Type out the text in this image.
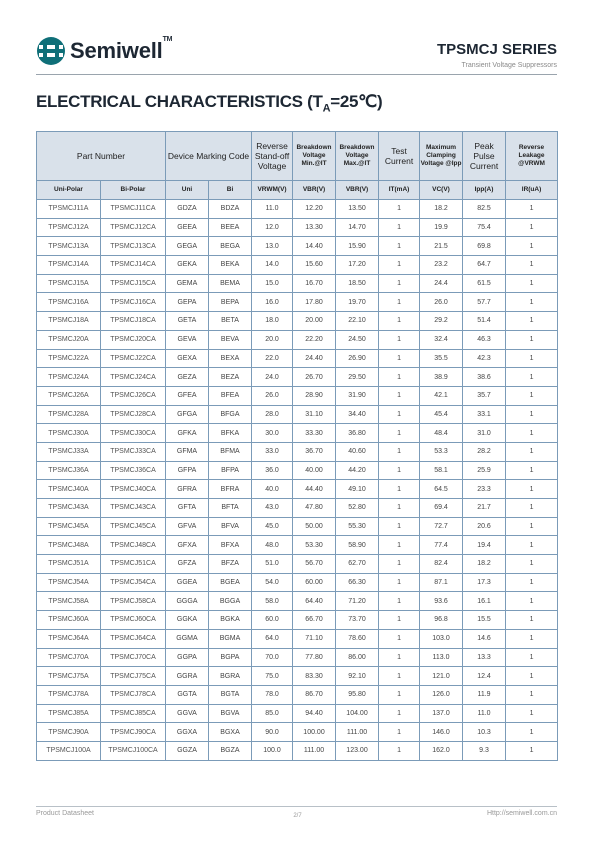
Semiwell™
TPSMCJ SERIES
Transient Voltage Suppressors
ELECTRICAL CHARACTERISTICS $(T_A=25℃)$
Part Number		Device Marking Code		Reverse Stand-off Voltage	Breakdown Voltage Min.@IT	Breakdown Voltage Max.@IT	Test Current	Maximum Clamping Voltage @Ipp	Peak Pulse Current	Reverse Leakage @VRWM
Uni-Polar	Bi-Polar	Uni	Bi	VRWM(V)	VBR(V)	VBR(V)	IT(mA)	VC(V)	Ipp(A)	IR(uA)
TPSMCJ11A	TPSMCJ11CA	GDZA	BDZA	11.0	12.20	13.50	1	18.2	82.5	1
TPSMCJ12A	TPSMCJ12CA	GEEA	BEEA	12.0	13.30	14.70	1	19.9	75.4	1
TPSMCJ13A	TPSMCJ13CA	GEGA	BEGA	13.0	14.40	15.90	1	21.5	69.8	1
TPSMCJ14A	TPSMCJ14CA	GEKA	BEKA	14.0	15.60	17.20	1	23.2	64.7	1
TPSMCJ15A	TPSMCJ15CA	GEMA	BEMA	15.0	16.70	18.50	1	24.4	61.5	1
TPSMCJ16A	TPSMCJ16CA	GEPA	BEPA	16.0	17.80	19.70	1	26.0	57.7	1
TPSMCJ18A	TPSMCJ18CA	GETA	BETA	18.0	20.00	22.10	1	29.2	51.4	1
TPSMCJ20A	TPSMCJ20CA	GEVA	BEVA	20.0	22.20	24.50	1	32.4	46.3	1
TPSMCJ22A	TPSMCJ22CA	GEXA	BEXA	22.0	24.40	26.90	1	35.5	42.3	1
TPSMCJ24A	TPSMCJ24CA	GEZA	BEZA	24.0	26.70	29.50	1	38.9	38.6	1
TPSMCJ26A	TPSMCJ26CA	GFEA	BFEA	26.0	28.90	31.90	1	42.1	35.7	1
TPSMCJ28A	TPSMCJ28CA	GFGA	BFGA	28.0	31.10	34.40	1	45.4	33.1	1
TPSMCJ30A	TPSMCJ30CA	GFKA	BFKA	30.0	33.30	36.80	1	48.4	31.0	1
TPSMCJ33A	TPSMCJ33CA	GFMA	BFMA	33.0	36.70	40.60	1	53.3	28.2	1
TPSMCJ36A	TPSMCJ36CA	GFPA	BFPA	36.0	40.00	44.20	1	58.1	25.9	1
TPSMCJ40A	TPSMCJ40CA	GFRA	BFRA	40.0	44.40	49.10	1	64.5	23.3	1
TPSMCJ43A	TPSMCJ43CA	GFTA	BFTA	43.0	47.80	52.80	1	69.4	21.7	1
TPSMCJ45A	TPSMCJ45CA	GFVA	BFVA	45.0	50.00	55.30	1	72.7	20.6	1
TPSMCJ48A	TPSMCJ48CA	GFXA	BFXA	48.0	53.30	58.90	1	77.4	19.4	1
TPSMCJ51A	TPSMCJ51CA	GFZA	BFZA	51.0	56.70	62.70	1	82.4	18.2	1
TPSMCJ54A	TPSMCJ54CA	GGEA	BGEA	54.0	60.00	66.30	1	87.1	17.3	1
TPSMCJ58A	TPSMCJ58CA	GGGA	BGGA	58.0	64.40	71.20	1	93.6	16.1	1
TPSMCJ60A	TPSMCJ60CA	GGKA	BGKA	60.0	66.70	73.70	1	96.8	15.5	1
TPSMCJ64A	TPSMCJ64CA	GGMA	BGMA	64.0	71.10	78.60	1	103.0	14.6	1
TPSMCJ70A	TPSMCJ70CA	GGPA	BGPA	70.0	77.80	86.00	1	113.0	13.3	1
TPSMCJ75A	TPSMCJ75CA	GGRA	BGRA	75.0	83.30	92.10	1	121.0	12.4	1
TPSMCJ78A	TPSMCJ78CA	GGTA	BGTA	78.0	86.70	95.80	1	126.0	11.9	1
TPSMCJ85A	TPSMCJ85CA	GGVA	BGVA	85.0	94.40	104.00	1	137.0	11.0	1
TPSMCJ90A	TPSMCJ90CA	GGXA	BGXA	90.0	100.00	111.00	1	146.0	10.3	1
TPSMCJ100A	TPSMCJ100CA	GGZA	BGZA	100.0	111.00	123.00	1	162.0	9.3	1
Product Datasheet	2/7	Http://semiwell.com.cn
